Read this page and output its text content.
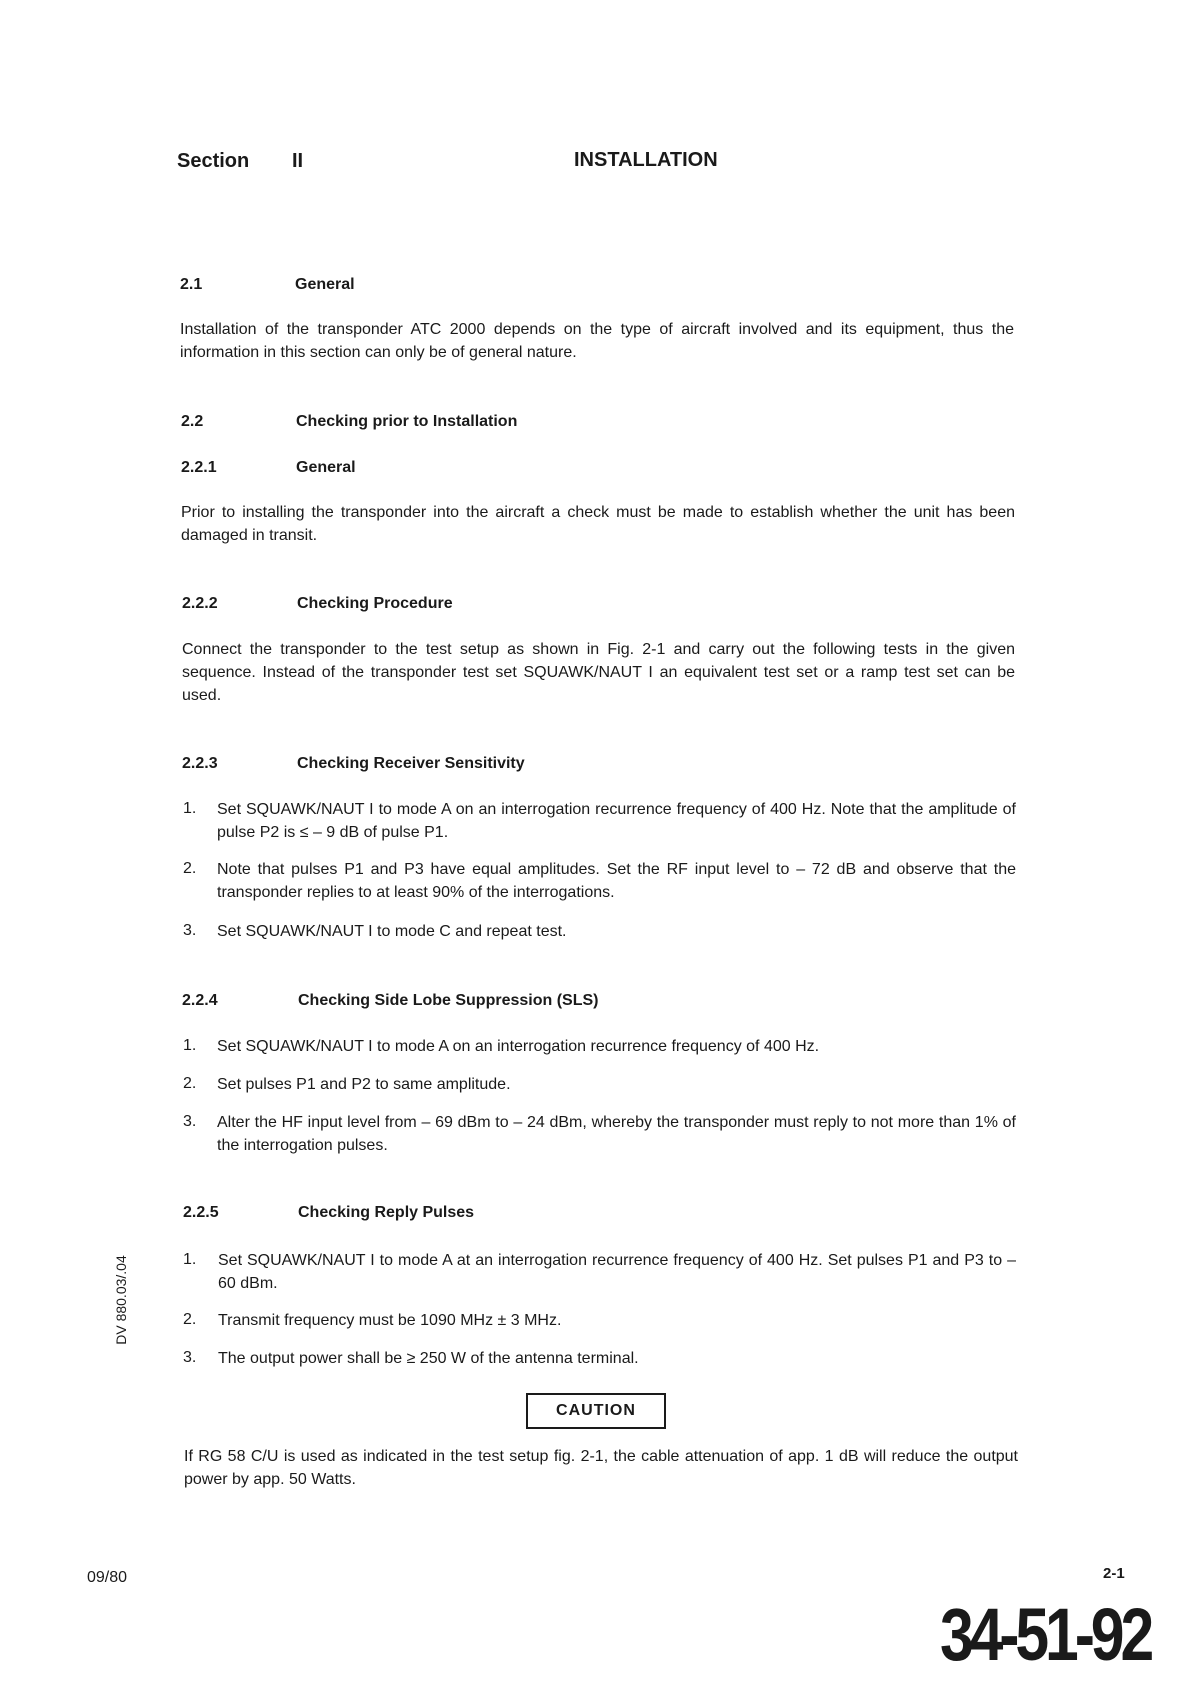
Section II	INSTALLATION
2.1	General
Installation of the transponder ATC 2000 depends on the type of aircraft involved and its equipment, thus the information in this section can only be of general nature.
2.2	Checking prior to Installation
2.2.1	General
Prior to installing the transponder into the aircraft a check must be made to establish whether the unit has been damaged in transit.
2.2.2	Checking Procedure
Connect the transponder to the test setup as shown in Fig. 2-1 and carry out the following tests in the given sequence. Instead of the transponder test set SQUAWK/NAUT I an equivalent test set or a ramp test set can be used.
2.2.3	Checking Receiver Sensitivity
1. Set SQUAWK/NAUT I to mode A on an interrogation recurrence frequency of 400 Hz. Note that the amplitude of pulse P2 is ≤ – 9 dB of pulse P1.
2. Note that pulses P1 and P3 have equal amplitudes. Set the RF input level to – 72 dB and observe that the transponder replies to at least 90% of the interrogations.
3. Set SQUAWK/NAUT I to mode C and repeat test.
2.2.4	Checking Side Lobe Suppression (SLS)
1. Set SQUAWK/NAUT I to mode A on an interrogation recurrence frequency of 400 Hz.
2. Set pulses P1 and P2 to same amplitude.
3. Alter the HF input level from – 69 dBm to – 24 dBm, whereby the transponder must reply to not more than 1% of the interrogation pulses.
2.2.5	Checking Reply Pulses
1. Set SQUAWK/NAUT I to mode A at an interrogation recurrence frequency of 400 Hz. Set pulses P1 and P3 to – 60 dBm.
2. Transmit frequency must be 1090 MHz ± 3 MHz.
3. The output power shall be ≥ 250 W of the antenna terminal.
CAUTION
If RG 58 C/U is used as indicated in the test setup fig. 2-1, the cable attenuation of app. 1 dB will reduce the output power by app. 50 Watts.
DV 880.03/.04
09/80	2-1
34-51-92
